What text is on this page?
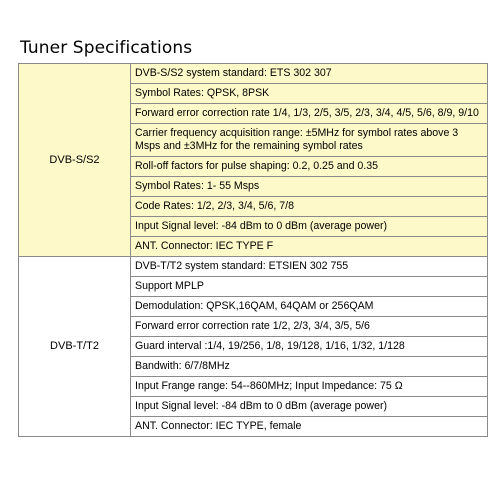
Tuner Specifications
DVB-S/S2	DVB-S/S2 system standard: ETS 302 307
	Symbol Rates: QPSK, 8PSK
	Forward error correction rate 1/4, 1/3, 2/5, 3/5, 2/3, 3/4, 4/5, 5/6, 8/9, 9/10
	Carrier frequency acquisition range: ±5MHz for symbol rates above 3 Msps and ±3MHz for the remaining symbol rates
	Roll-off factors for pulse shaping: 0.2, 0.25 and 0.35
	Symbol Rates: 1- 55 Msps
	Code Rates: 1/2, 2/3, 3/4, 5/6, 7/8
	Input Signal level: -84 dBm to 0 dBm (average power)
	ANT. Connector: IEC TYPE F
DVB-T/T2	DVB-T/T2 system standard: ETSIEN 302 755
	Support MPLP
	Demodulation: QPSK,16QAM, 64QAM or 256QAM
	Forward error correction rate 1/2, 2/3, 3/4, 3/5, 5/6
	Guard interval :1/4, 19/256, 1/8, 19/128, 1/16, 1/32, 1/128
	Bandwith: 6/7/8MHz
	Input Frange range: 54--860MHz; Input Impedance: 75 Ω
	Input Signal level: -84 dBm to 0 dBm (average power)
	ANT. Connector: IEC TYPE, female
